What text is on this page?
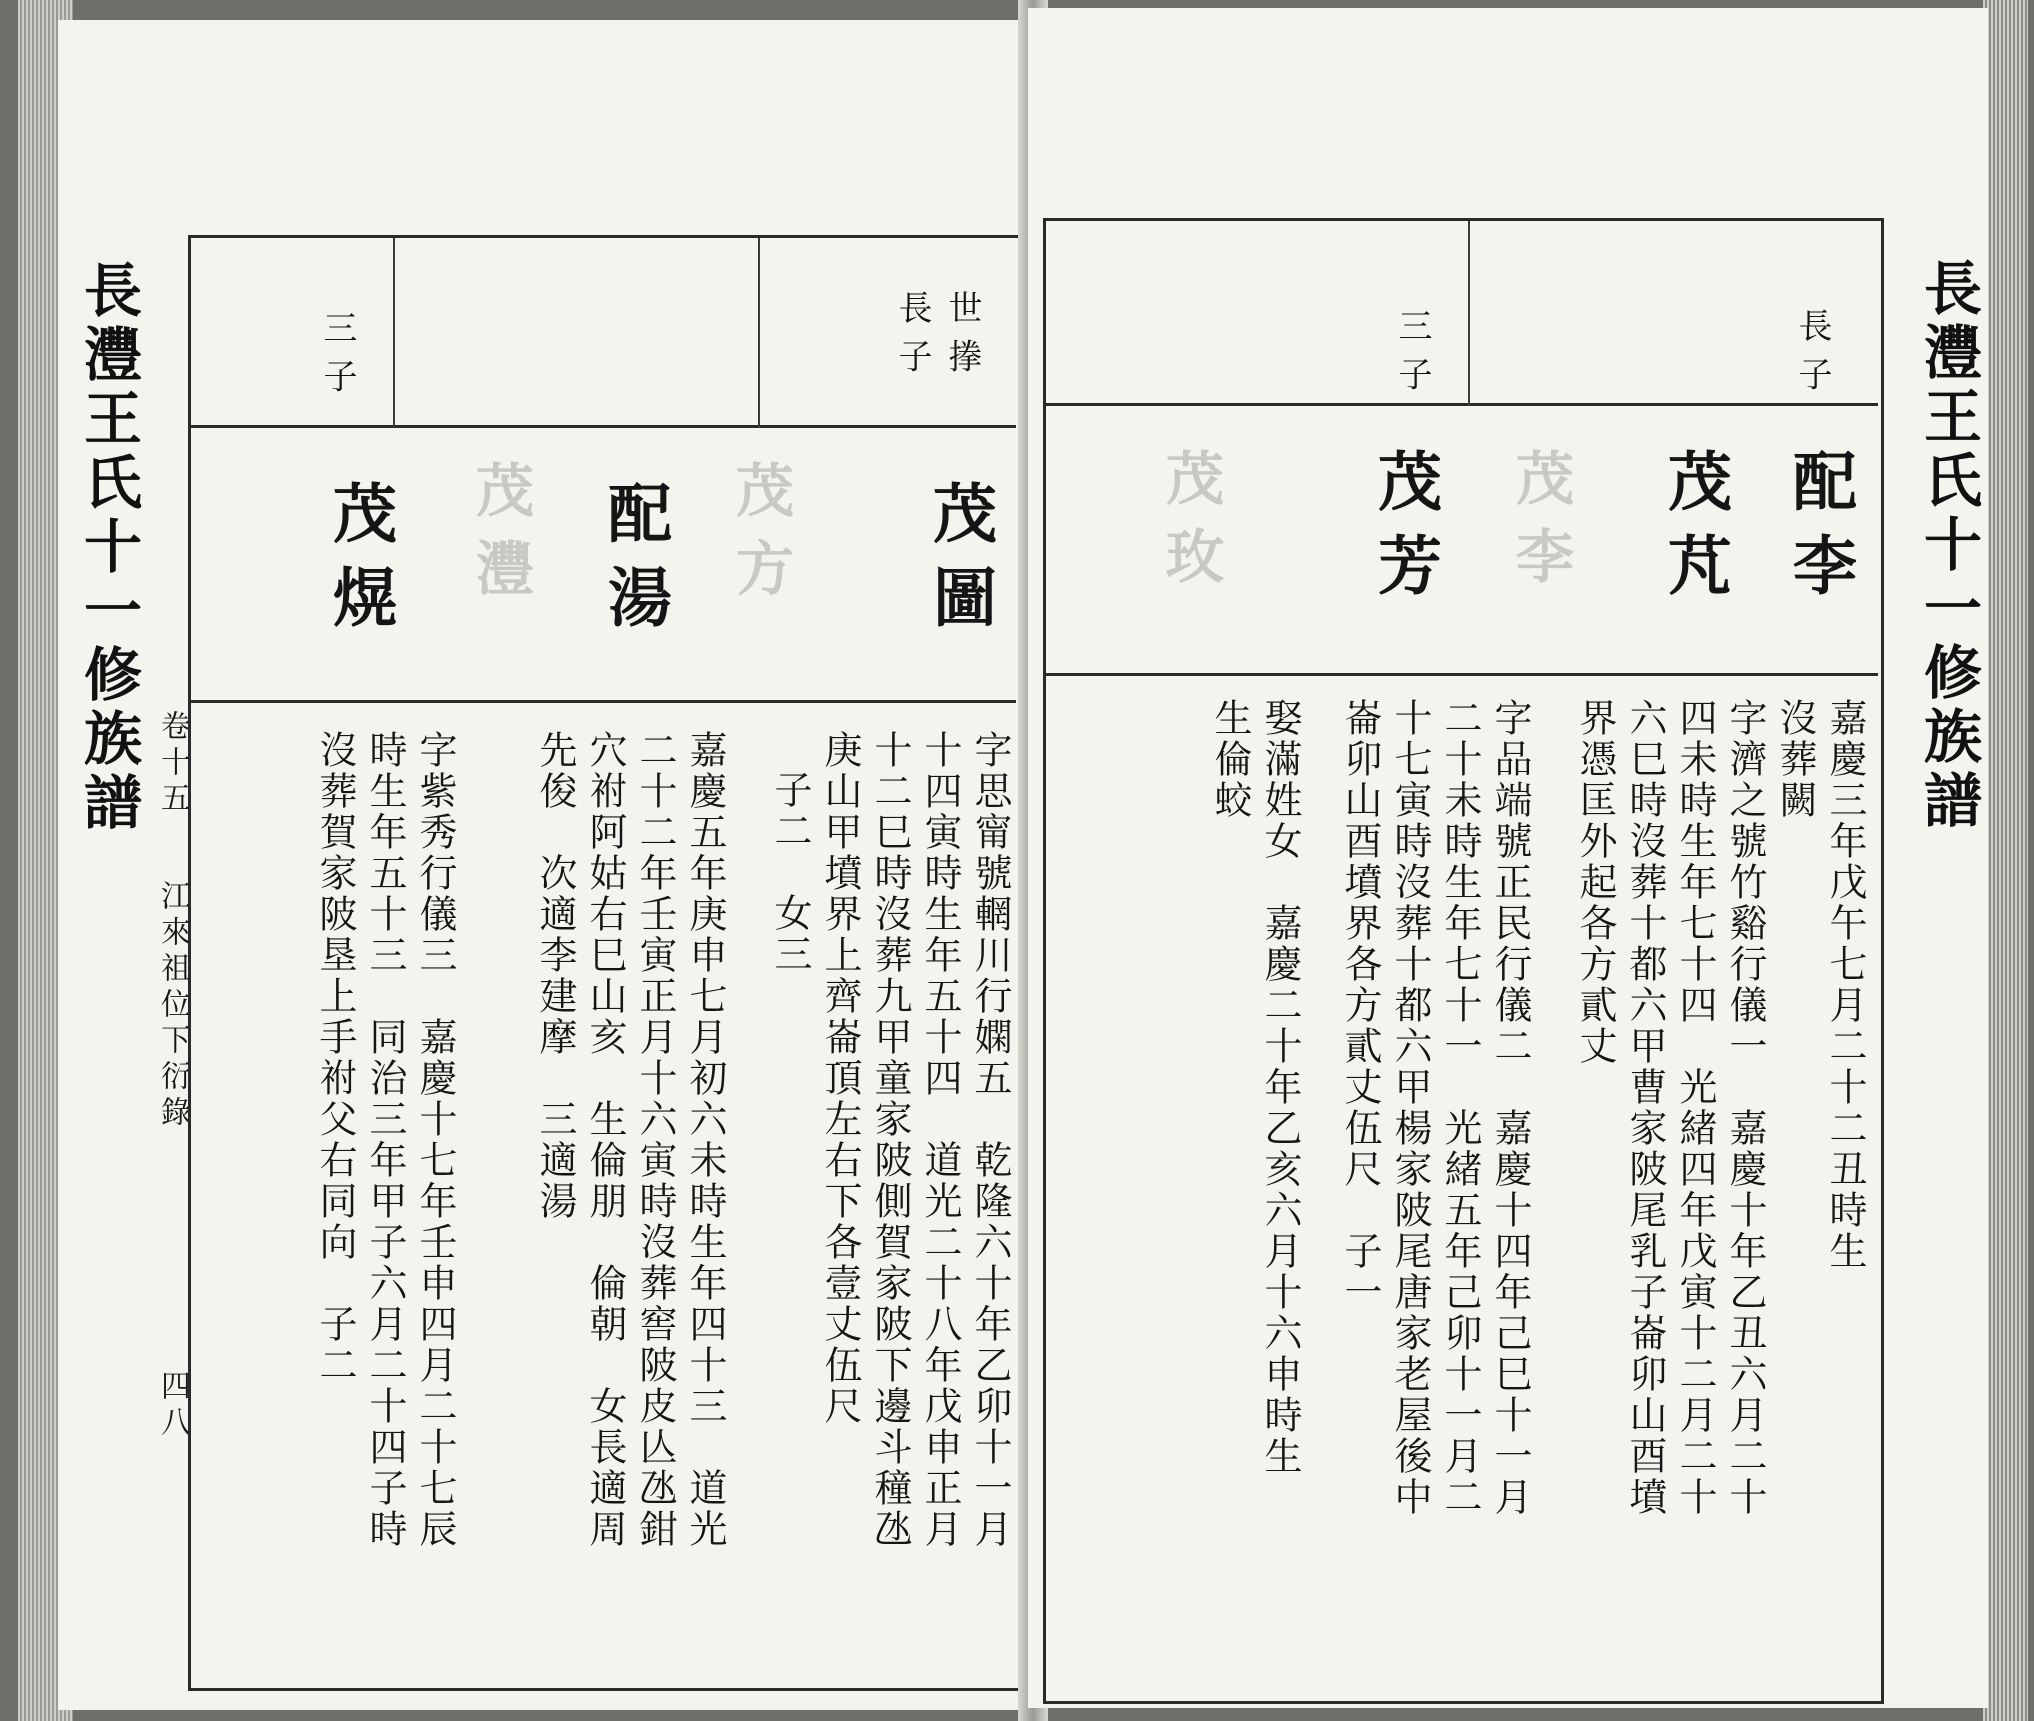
長灃王氏十一修族譜 卷十五
江來祖位下衍錄
四八
世 搼
長 子
三 子
茂圖
配湯
茂熀	茂方
茂灃
字思甯號輞川行嫻五　乾隆六十年乙卯十一月
十四寅時生年五十四　道光二十八年戊申正月
十二巳時沒葬九甲童家陂側賀家陂下邊斗穜氹
庚山甲墳界上齊崙頂左右下各壹丈伍尺
子二　女三
嘉慶五年庚申七月初六未時生年四十三　道光
二十二年壬寅正月十六寅時沒葬窖陂皮亾氹鉗
穴祔阿姑右巳山亥　生倫朋　倫朝　女長適周
先俊　次適李建摩　三適湯
字紫秀行儀三　嘉慶十七年壬申四月二十七辰
時生年五十三　同治三年甲子六月二十四子時
沒葬賀家陂垦上手祔父右同向　子二
長灃王氏十一修族譜
長 子
三 子
配李
茂芃
茂芳 茂李
茂玫
嘉慶三年戊午七月二十二丑時生
沒葬闕
字濟之號竹谿行儀一　嘉慶十年乙丑六月二十
四未時生年七十四　光緒四年戊寅十二月二十
六巳時沒葬十都六甲曹家陂尾乳子崙卯山酉墳
界憑匡外起各方貳丈
字品端號正民行儀二　嘉慶十四年己巳十一月
二十未時生年七十一　光緒五年己卯十一月二
十七寅時沒葬十都六甲楊家陂尾唐家老屋後中
崙卯山酉墳界各方貳丈伍尺　子一
娶滿姓女　嘉慶二十年乙亥六月十六申時生
生倫蛟
